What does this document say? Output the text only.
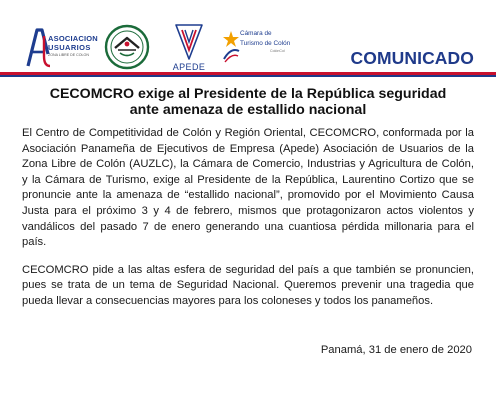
ASOCIACION
USUARIOS
ZONA LIBRE DE COLON
APEDE
Cámara de
Turismo de Colón
ColónCol	COMUNICADO
CECOMCRO exige al Presidente de la República seguridad
ante amenaza de estallido nacional

El Centro de Competitividad de Colón y Región Oriental, CECOMCRO, conformada por la Asociación Panameña de Ejecutivos de Empresa (Apede) Asociación de Usuarios de la Zona Libre de Colón (AUZLC), la Cámara de Comercio, Industrias y Agricultura de Colón, y la Cámara de Turismo, exige al Presidente de la República, Laurentino Cortizo que se pronuncie ante la amenaza de “estallido nacional”, promovido por el Movimiento Causa Justa para el próximo 3 y 4 de febrero, mismos que protagonizaron actos violentos y vandálicos del pasado 7 de enero generando una cuantiosa pérdida millonaria para el país.

CECOMCRO pide a las altas esfera de seguridad del país a que también se pronuncien, pues se trata de un tema de Seguridad Nacional. Queremos prevenir una tragedia que pueda llevar a consecuencias mayores para los coloneses y todos los panameños.

Panamá, 31 de enero de 2020
